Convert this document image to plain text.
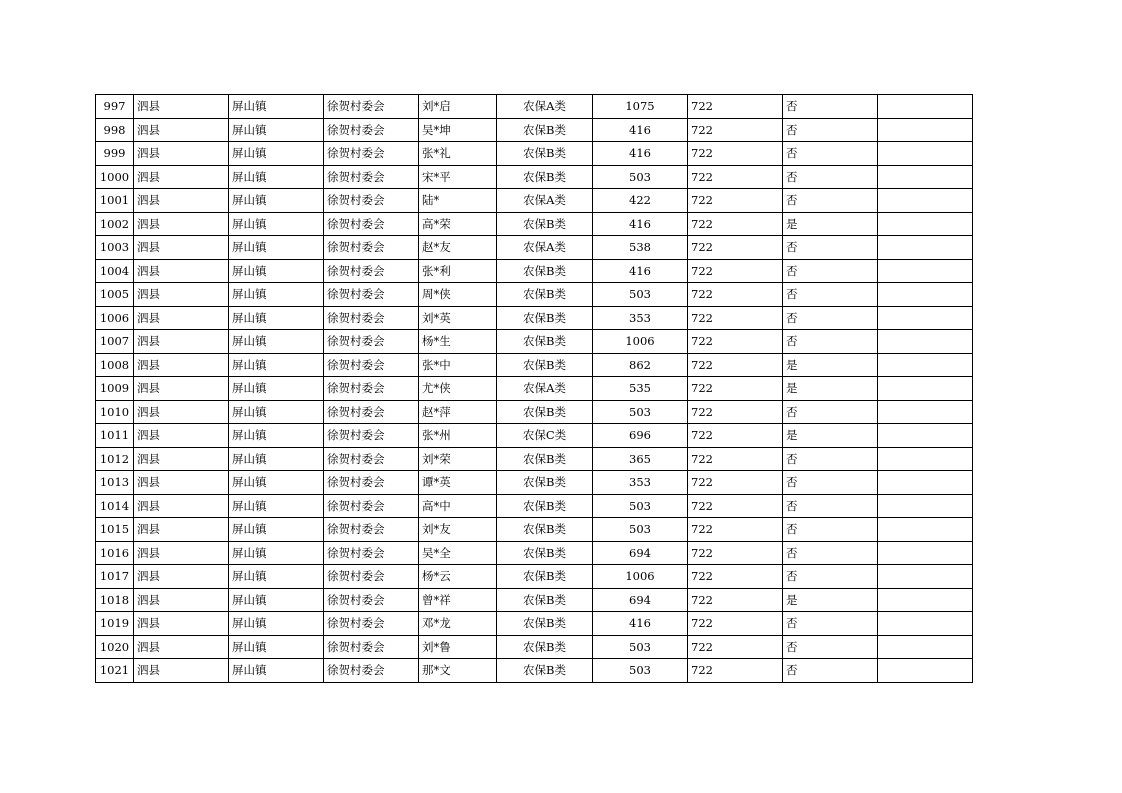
997	泗县	屏山镇	徐贺村委会	刘*启	农保A类	1075	722	否	
998	泗县	屏山镇	徐贺村委会	吴*坤	农保B类	416	722	否	
999	泗县	屏山镇	徐贺村委会	张*礼	农保B类	416	722	否	
1000	泗县	屏山镇	徐贺村委会	宋*平	农保B类	503	722	否	
1001	泗县	屏山镇	徐贺村委会	陆*	农保A类	422	722	否	
1002	泗县	屏山镇	徐贺村委会	高*荣	农保B类	416	722	是	
1003	泗县	屏山镇	徐贺村委会	赵*友	农保A类	538	722	否	
1004	泗县	屏山镇	徐贺村委会	张*利	农保B类	416	722	否	
1005	泗县	屏山镇	徐贺村委会	周*侠	农保B类	503	722	否	
1006	泗县	屏山镇	徐贺村委会	刘*英	农保B类	353	722	否	
1007	泗县	屏山镇	徐贺村委会	杨*生	农保B类	1006	722	否	
1008	泗县	屏山镇	徐贺村委会	张*中	农保B类	862	722	是	
1009	泗县	屏山镇	徐贺村委会	尤*侠	农保A类	535	722	是	
1010	泗县	屏山镇	徐贺村委会	赵*萍	农保B类	503	722	否	
1011	泗县	屏山镇	徐贺村委会	张*州	农保C类	696	722	是	
1012	泗县	屏山镇	徐贺村委会	刘*荣	农保B类	365	722	否	
1013	泗县	屏山镇	徐贺村委会	谭*英	农保B类	353	722	否	
1014	泗县	屏山镇	徐贺村委会	高*中	农保B类	503	722	否	
1015	泗县	屏山镇	徐贺村委会	刘*友	农保B类	503	722	否	
1016	泗县	屏山镇	徐贺村委会	吴*全	农保B类	694	722	否	
1017	泗县	屏山镇	徐贺村委会	杨*云	农保B类	1006	722	否	
1018	泗县	屏山镇	徐贺村委会	曾*祥	农保B类	694	722	是	
1019	泗县	屏山镇	徐贺村委会	邓*龙	农保B类	416	722	否	
1020	泗县	屏山镇	徐贺村委会	刘*鲁	农保B类	503	722	否	
1021	泗县	屏山镇	徐贺村委会	那*文	农保B类	503	722	否	
